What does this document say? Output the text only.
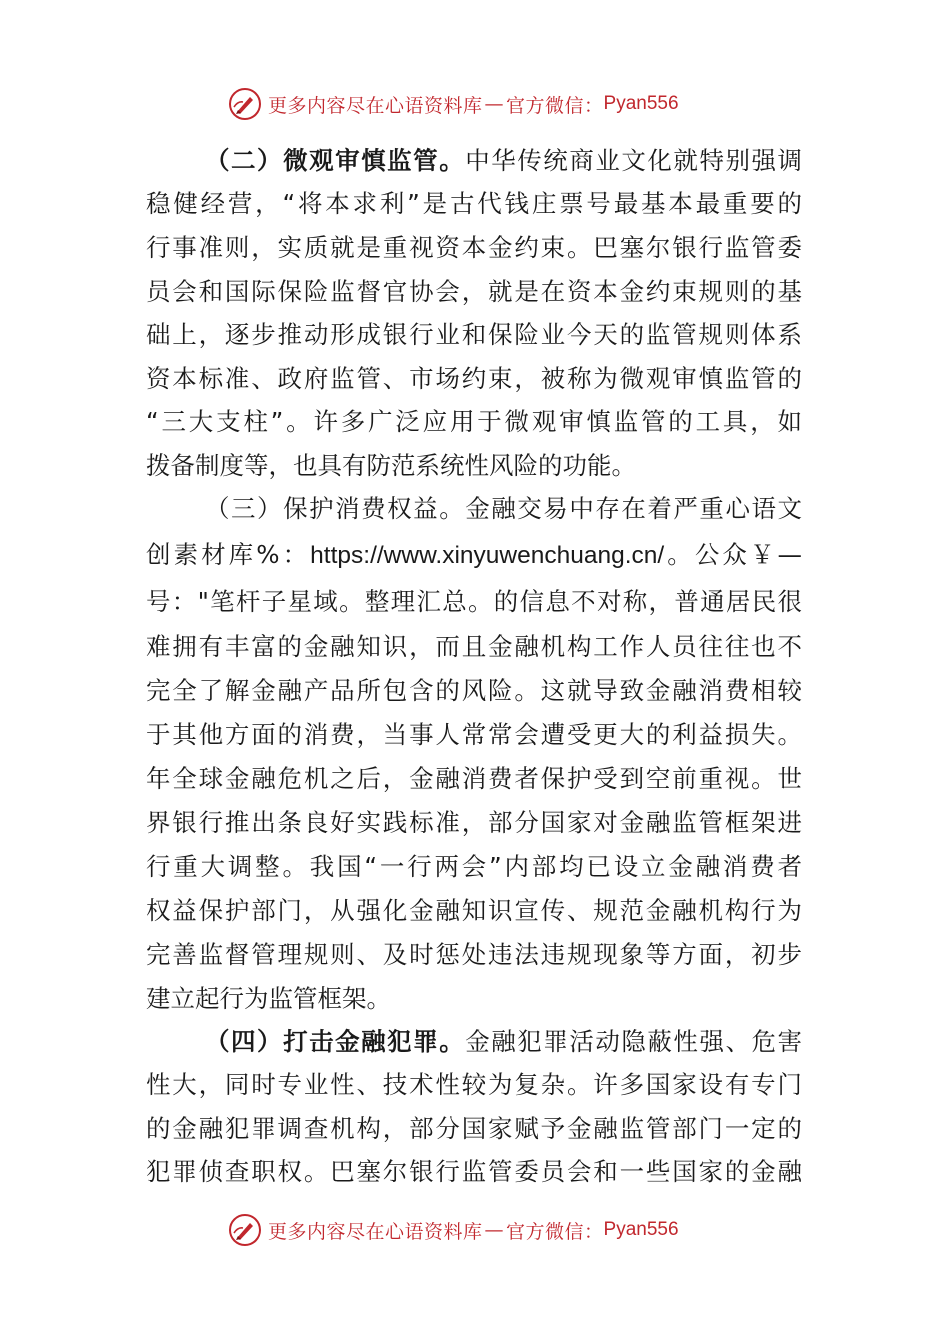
更多内容尽在心语资料库 — 官方微信： Pyan556
（二）微观审慎监管。中华传统商业文化就特别强调
稳健经营，“将本求利”是古代钱庄票号最基本最重要的
行事准则，实质就是重视资本金约束。巴塞尔银行监管委
员会和国际保险监督官协会，就是在资本金约束规则的基
础上，逐步推动形成银行业和保险业今天的监管规则体系
资本标准、政府监管、市场约束，被称为微观审慎监管的
“三大支柱”。许多广泛应用于微观审慎监管的工具，如
拨备制度等，也具有防范系统性风险的功能。
（三）保护消费权益。金融交易中存在着严重心语文
创素材库%：https://www.xinyuwenchuang.cn/。公众￥—
号："笔杆子星域。整理汇总。的信息不对称，普通居民很
难拥有丰富的金融知识，而且金融机构工作人员往往也不
完全了解金融产品所包含的风险。这就导致金融消费相较
于其他方面的消费，当事人常常会遭受更大的利益损失。
年全球金融危机之后，金融消费者保护受到空前重视。世
界银行推出条良好实践标准，部分国家对金融监管框架进
行重大调整。我国“一行两会”内部均已设立金融消费者
权益保护部门，从强化金融知识宣传、规范金融机构行为
完善监督管理规则、及时惩处违法违规现象等方面，初步
建立起行为监管框架。
（四）打击金融犯罪。金融犯罪活动隐蔽性强、危害
性大，同时专业性、技术性较为复杂。许多国家设有专门
的金融犯罪调查机构，部分国家赋予金融监管部门一定的
犯罪侦查职权。巴塞尔银行监管委员会和一些国家的金融
更多内容尽在心语资料库 — 官方微信： Pyan556
